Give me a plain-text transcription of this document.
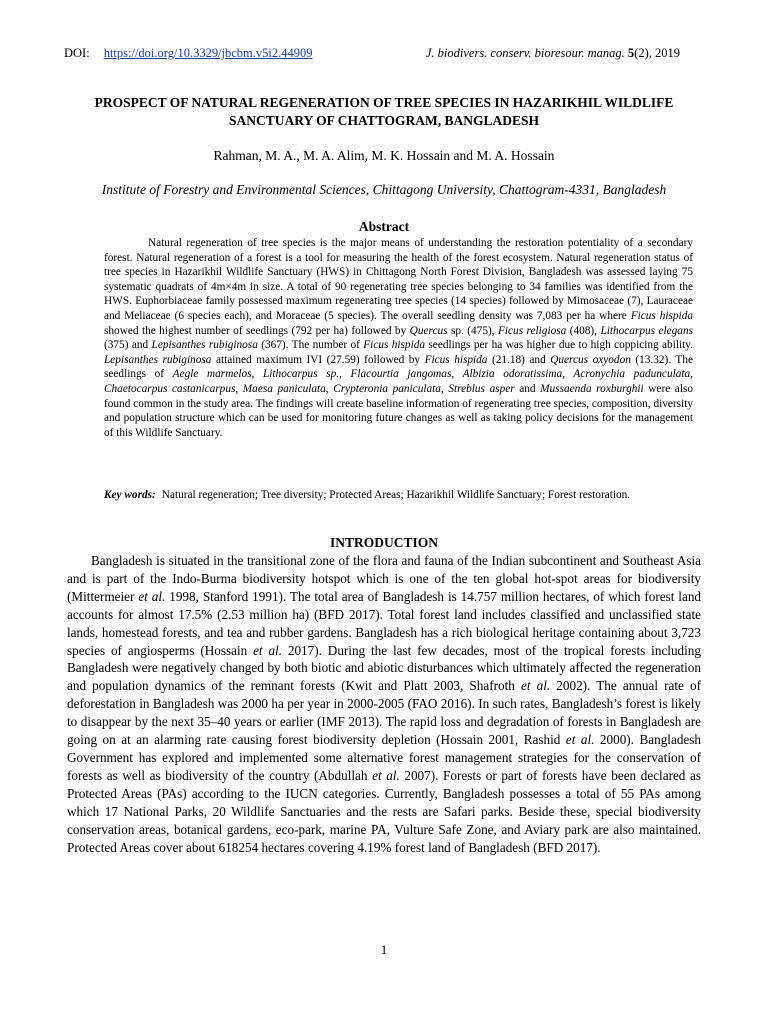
DOI: https://doi.org/10.3329/jbcbm.v5i2.44909	J. biodivers. conserv. bioresour. manag. 5(2), 2019
PROSPECT OF NATURAL REGENERATION OF TREE SPECIES IN HAZARIKHIL WILDLIFE SANCTUARY OF CHATTOGRAM, BANGLADESH
Rahman, M. A., M. A. Alim, M. K. Hossain and M. A. Hossain
Institute of Forestry and Environmental Sciences, Chittagong University, Chattogram-4331, Bangladesh
Abstract

Natural regeneration of tree species is the major means of understanding the restoration potentiality of a secondary forest. Natural regeneration of a forest is a tool for measuring the health of the forest ecosystem. Natural regeneration status of tree species in Hazarikhil Wildlife Sanctuary (HWS) in Chittagong North Forest Division, Bangladesh was assessed laying 75 systematic quadrats of 4m×4m in size. A total of 90 regenerating tree species belonging to 34 families was identified from the HWS. Euphorbiaceae family possessed maximum regenerating tree species (14 species) followed by Mimosaceae (7), Lauraceae and Meliaceae (6 species each), and Moraceae (5 species). The overall seedling density was 7,083 per ha where Ficus hispida showed the highest number of seedlings (792 per ha) followed by Quercus sp. (475), Ficus religiosa (408), Lithocarpus elegans (375) and Lepisanthes rubiginosa (367). The number of Ficus hispida seedlings per ha was higher due to high coppicing ability. Lepisanthes rubiginosa attained maximum IVI (27.59) followed by Ficus hispida (21.18) and Quercus oxyodon (13.32). The seedlings of Aegle marmelos, Lithocarpus sp., Flacourtia jangomas, Albizia odoratissima, Acronychia padunculata, Chaetocarpus castanicarpus, Maesa paniculata, Crypteronia paniculata, Streblus asper and Mussaenda roxburghii were also found common in the study area. The findings will create baseline information of regenerating tree species, composition, diversity and population structure which can be used for monitoring future changes as well as taking policy decisions for the management of this Wildlife Sanctuary.

Key words: Natural regeneration; Tree diversity; Protected Areas; Hazarikhil Wildlife Sanctuary; Forest restoration.
INTRODUCTION

Bangladesh is situated in the transitional zone of the flora and fauna of the Indian subcontinent and Southeast Asia and is part of the Indo-Burma biodiversity hotspot which is one of the ten global hot-spot areas for biodiversity (Mittermeier et al. 1998, Stanford 1991). The total area of Bangladesh is 14.757 million hectares, of which forest land accounts for almost 17.5% (2.53 million ha) (BFD 2017). Total forest land includes classified and unclassified state lands, homestead forests, and tea and rubber gardens. Bangladesh has a rich biological heritage containing about 3,723 species of angiosperms (Hossain et al. 2017). During the last few decades, most of the tropical forests including Bangladesh were negatively changed by both biotic and abiotic disturbances which ultimately affected the regeneration and population dynamics of the remnant forests (Kwit and Platt 2003, Shafroth et al. 2002). The annual rate of deforestation in Bangladesh was 2000 ha per year in 2000-2005 (FAO 2016). In such rates, Bangladesh’s forest is likely to disappear by the next 35–40 years or earlier (IMF 2013). The rapid loss and degradation of forests in Bangladesh are going on at an alarming rate causing forest biodiversity depletion (Hossain 2001, Rashid et al. 2000). Bangladesh Government has explored and implemented some alternative forest management strategies for the conservation of forests as well as biodiversity of the country (Abdullah et al. 2007). Forests or part of forests have been declared as Protected Areas (PAs) according to the IUCN categories. Currently, Bangladesh possesses a total of 55 PAs among which 17 National Parks, 20 Wildlife Sanctuaries and the rests are Safari parks. Beside these, special biodiversity conservation areas, botanical gardens, eco-park, marine PA, Vulture Safe Zone, and Aviary park are also maintained. Protected Areas cover about 618254 hectares covering 4.19% forest land of Bangladesh (BFD 2017).

1
